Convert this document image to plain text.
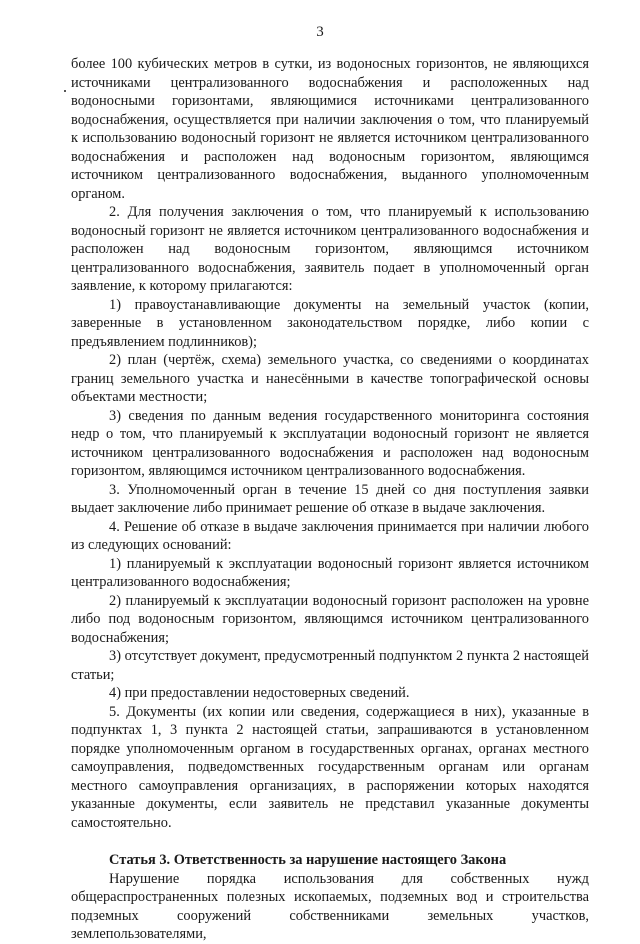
3

более 100 кубических метров в сутки, из водоносных горизонтов, не являющихся источниками централизованного водоснабжения и расположенных над водоносными горизонтами, являющимися источниками централизованного водоснабжения, осуществляется при наличии заключения о том, что планируемый к использованию водоносный горизонт не является источником централизованного водоснабжения и расположен над водоносным горизонтом, являющимся источником централизованного водоснабжения, выданного уполномоченным органом.

2. Для получения заключения о том, что планируемый к использованию водоносный горизонт не является источником централизованного водоснабжения и расположен над водоносным горизонтом, являющимся источником централизованного водоснабжения, заявитель подает в уполномоченный орган заявление, к которому прилагаются:

1) правоустанавливающие документы на земельный участок (копии, заверенные в установленном законодательством порядке, либо копии с предъявлением подлинников);

2) план (чертёж, схема) земельного участка, со сведениями о координатах границ земельного участка и нанесёнными в качестве топографической основы объектами местности;

3) сведения по данным ведения государственного мониторинга состояния недр о том, что планируемый к эксплуатации водоносный горизонт не является источником централизованного водоснабжения и расположен над водоносным горизонтом, являющимся источником централизованного водоснабжения.

3. Уполномоченный орган в течение 15 дней со дня поступления заявки выдает заключение либо принимает решение об отказе в выдаче заключения.

4. Решение об отказе в выдаче заключения принимается при наличии любого из следующих оснований:

1) планируемый к эксплуатации водоносный горизонт является источником централизованного водоснабжения;

2) планируемый к эксплуатации водоносный горизонт расположен на уровне либо под водоносным горизонтом, являющимся источником централизованного водоснабжения;

3) отсутствует документ, предусмотренный подпунктом 2 пункта 2 настоящей статьи;

4) при предоставлении недостоверных сведений.

5. Документы (их копии или сведения, содержащиеся в них), указанные в подпунктах 1, 3 пункта 2 настоящей статьи, запрашиваются в установленном порядке уполномоченным органом в государственных органах, органах местного самоуправления, подведомственных государственным органам или органам местного самоуправления организациях, в распоряжении которых находятся указанные документы, если заявитель не представил указанные документы самостоятельно.

Статья 3. Ответственность за нарушение настоящего Закона

Нарушение порядка использования для собственных нужд общераспространенных полезных ископаемых, подземных вод и строительства подземных сооружений собственниками земельных участков, землепользователями,
